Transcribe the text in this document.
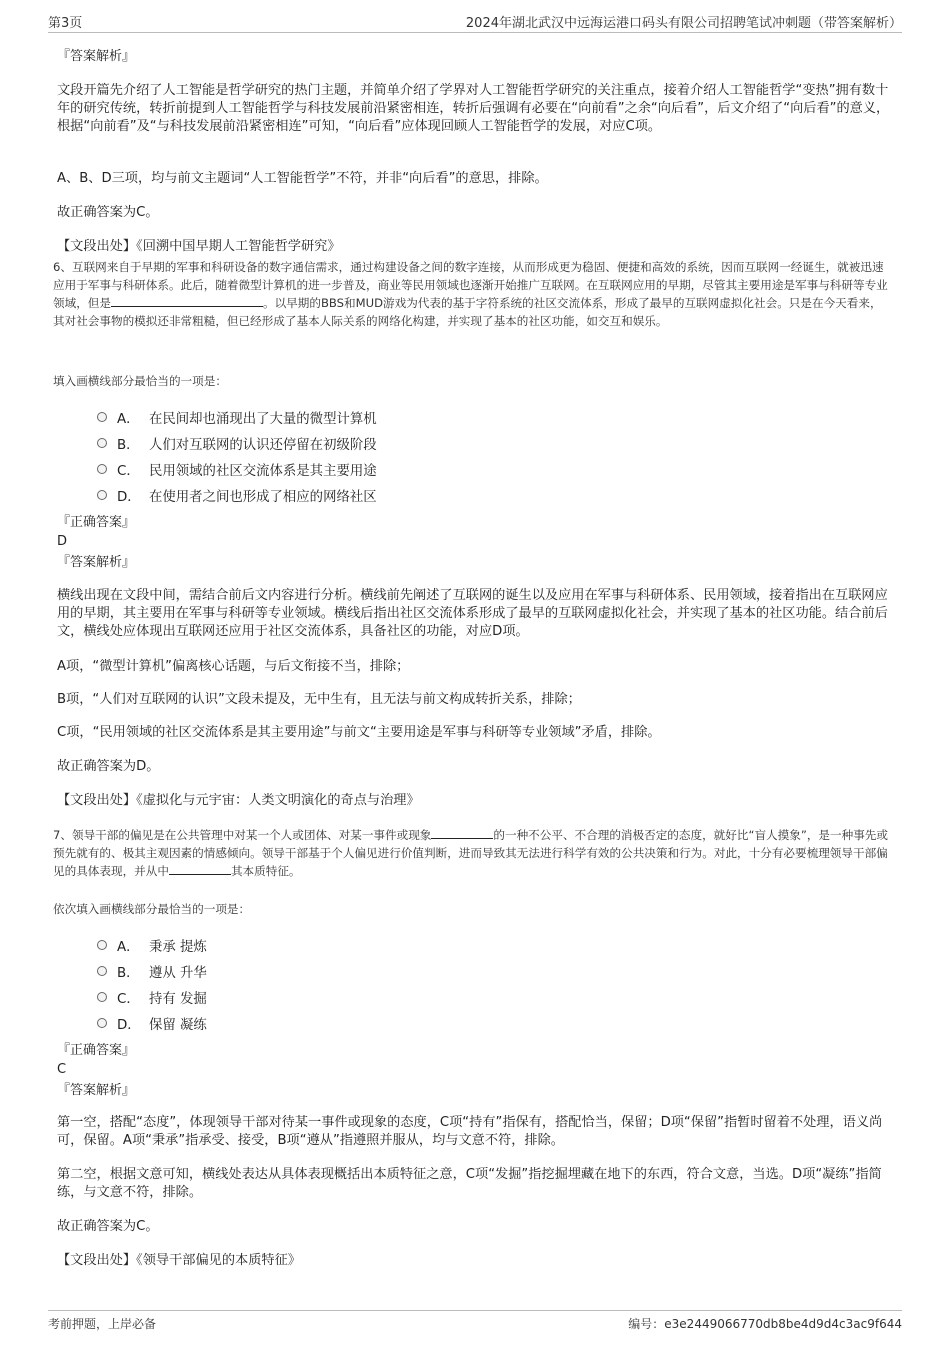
第3页	2024年湖北武汉中远海运港口码头有限公司招聘笔试冲刺题（带答案解析）
『答案解析』
文段开篇先介绍了人工智能是哲学研究的热门主题，并简单介绍了学界对人工智能哲学研究的关注重点，接着介绍人工智能哲学“变热”拥有数十年的研究传统，转折前提到人工智能哲学与科技发展前沿紧密相连，转折后强调有必要在“向前看”之余“向后看”，后文介绍了“向后看”的意义，根据“向前看”及“与科技发展前沿紧密相连”可知，“向后看”应体现回顾人工智能哲学的发展，对应C项。
A、B、D三项，均与前文主题词“人工智能哲学”不符，并非“向后看”的意思，排除。
故正确答案为C。
【文段出处】《回溯中国早期人工智能哲学研究》
6、互联网来自于早期的军事和科研设备的数字通信需求，通过构建设备之间的数字连接，从而形成更为稳固、便捷和高效的系统，因而互联网一经诞生，就被迅速应用于军事与科研体系。此后，随着微型计算机的进一步普及，商业等民用领域也逐渐开始推广互联网。在互联网应用的早期，尽管其主要用途是军事与科研等专业领域，但是	。以早期的BBS和MUD游戏为代表的基于字符系统的社区交流体系，形成了最早的互联网虚拟化社会。只是在今天看来，其对社会事物的模拟还非常粗糙，但已经形成了基本人际关系的网络化构建，并实现了基本的社区功能，如交互和娱乐。
填入画横线部分最恰当的一项是：
A． 在民间却也涌现出了大量的微型计算机
B． 人们对互联网的认识还停留在初级阶段
C． 民用领域的社区交流体系是其主要用途
D． 在使用者之间也形成了相应的网络社区
『正确答案』
D
『答案解析』
横线出现在文段中间，需结合前后文内容进行分析。横线前先阐述了互联网的诞生以及应用在军事与科研体系、民用领域，接着指出在互联网应用的早期，其主要用在军事与科研等专业领域。横线后指出社区交流体系形成了最早的互联网虚拟化社会，并实现了基本的社区功能。结合前后文，横线处应体现出互联网还应用于社区交流体系，具备社区的功能，对应D项。
A项，“微型计算机”偏离核心话题，与后文衔接不当，排除；
B项，“人们对互联网的认识”文段未提及，无中生有，且无法与前文构成转折关系，排除；
C项，“民用领域的社区交流体系是其主要用途”与前文“主要用途是军事与科研等专业领域”矛盾，排除。
故正确答案为D。
【文段出处】《虚拟化与元宇宙：人类文明演化的奇点与治理》
7、领导干部的偏见是在公共管理中对某一个人或团体、对某一事件或现象	的一种不公平、不合理的消极否定的态度，就好比“盲人摸象”，是一种事先或预先就有的、极其主观因素的情感倾向。领导干部基于个人偏见进行价值判断，进而导致其无法进行科学有效的公共决策和行为。对此，十分有必要梳理领导干部偏见的具体表现，并从中	其本质特征。
依次填入画横线部分最恰当的一项是：
A． 秉承 提炼
B． 遵从 升华
C． 持有 发掘
D． 保留 凝练
『正确答案』
C
『答案解析』
第一空，搭配“态度”，体现领导干部对待某一事件或现象的态度，C项“持有”指保有，搭配恰当，保留；D项“保留”指暂时留着不处理，语义尚可，保留。A项“秉承”指承受、接受，B项“遵从”指遵照并服从，均与文意不符，排除。
第二空，根据文意可知，横线处表达从具体表现概括出本质特征之意，C项“发掘”指挖掘埋藏在地下的东西，符合文意，当选。D项“凝练”指简练，与文意不符，排除。
故正确答案为C。
【文段出处】《领导干部偏见的本质特征》
考前押题，上岸必备	编号：e3e2449066770db8be4d9d4c3ac9f644
